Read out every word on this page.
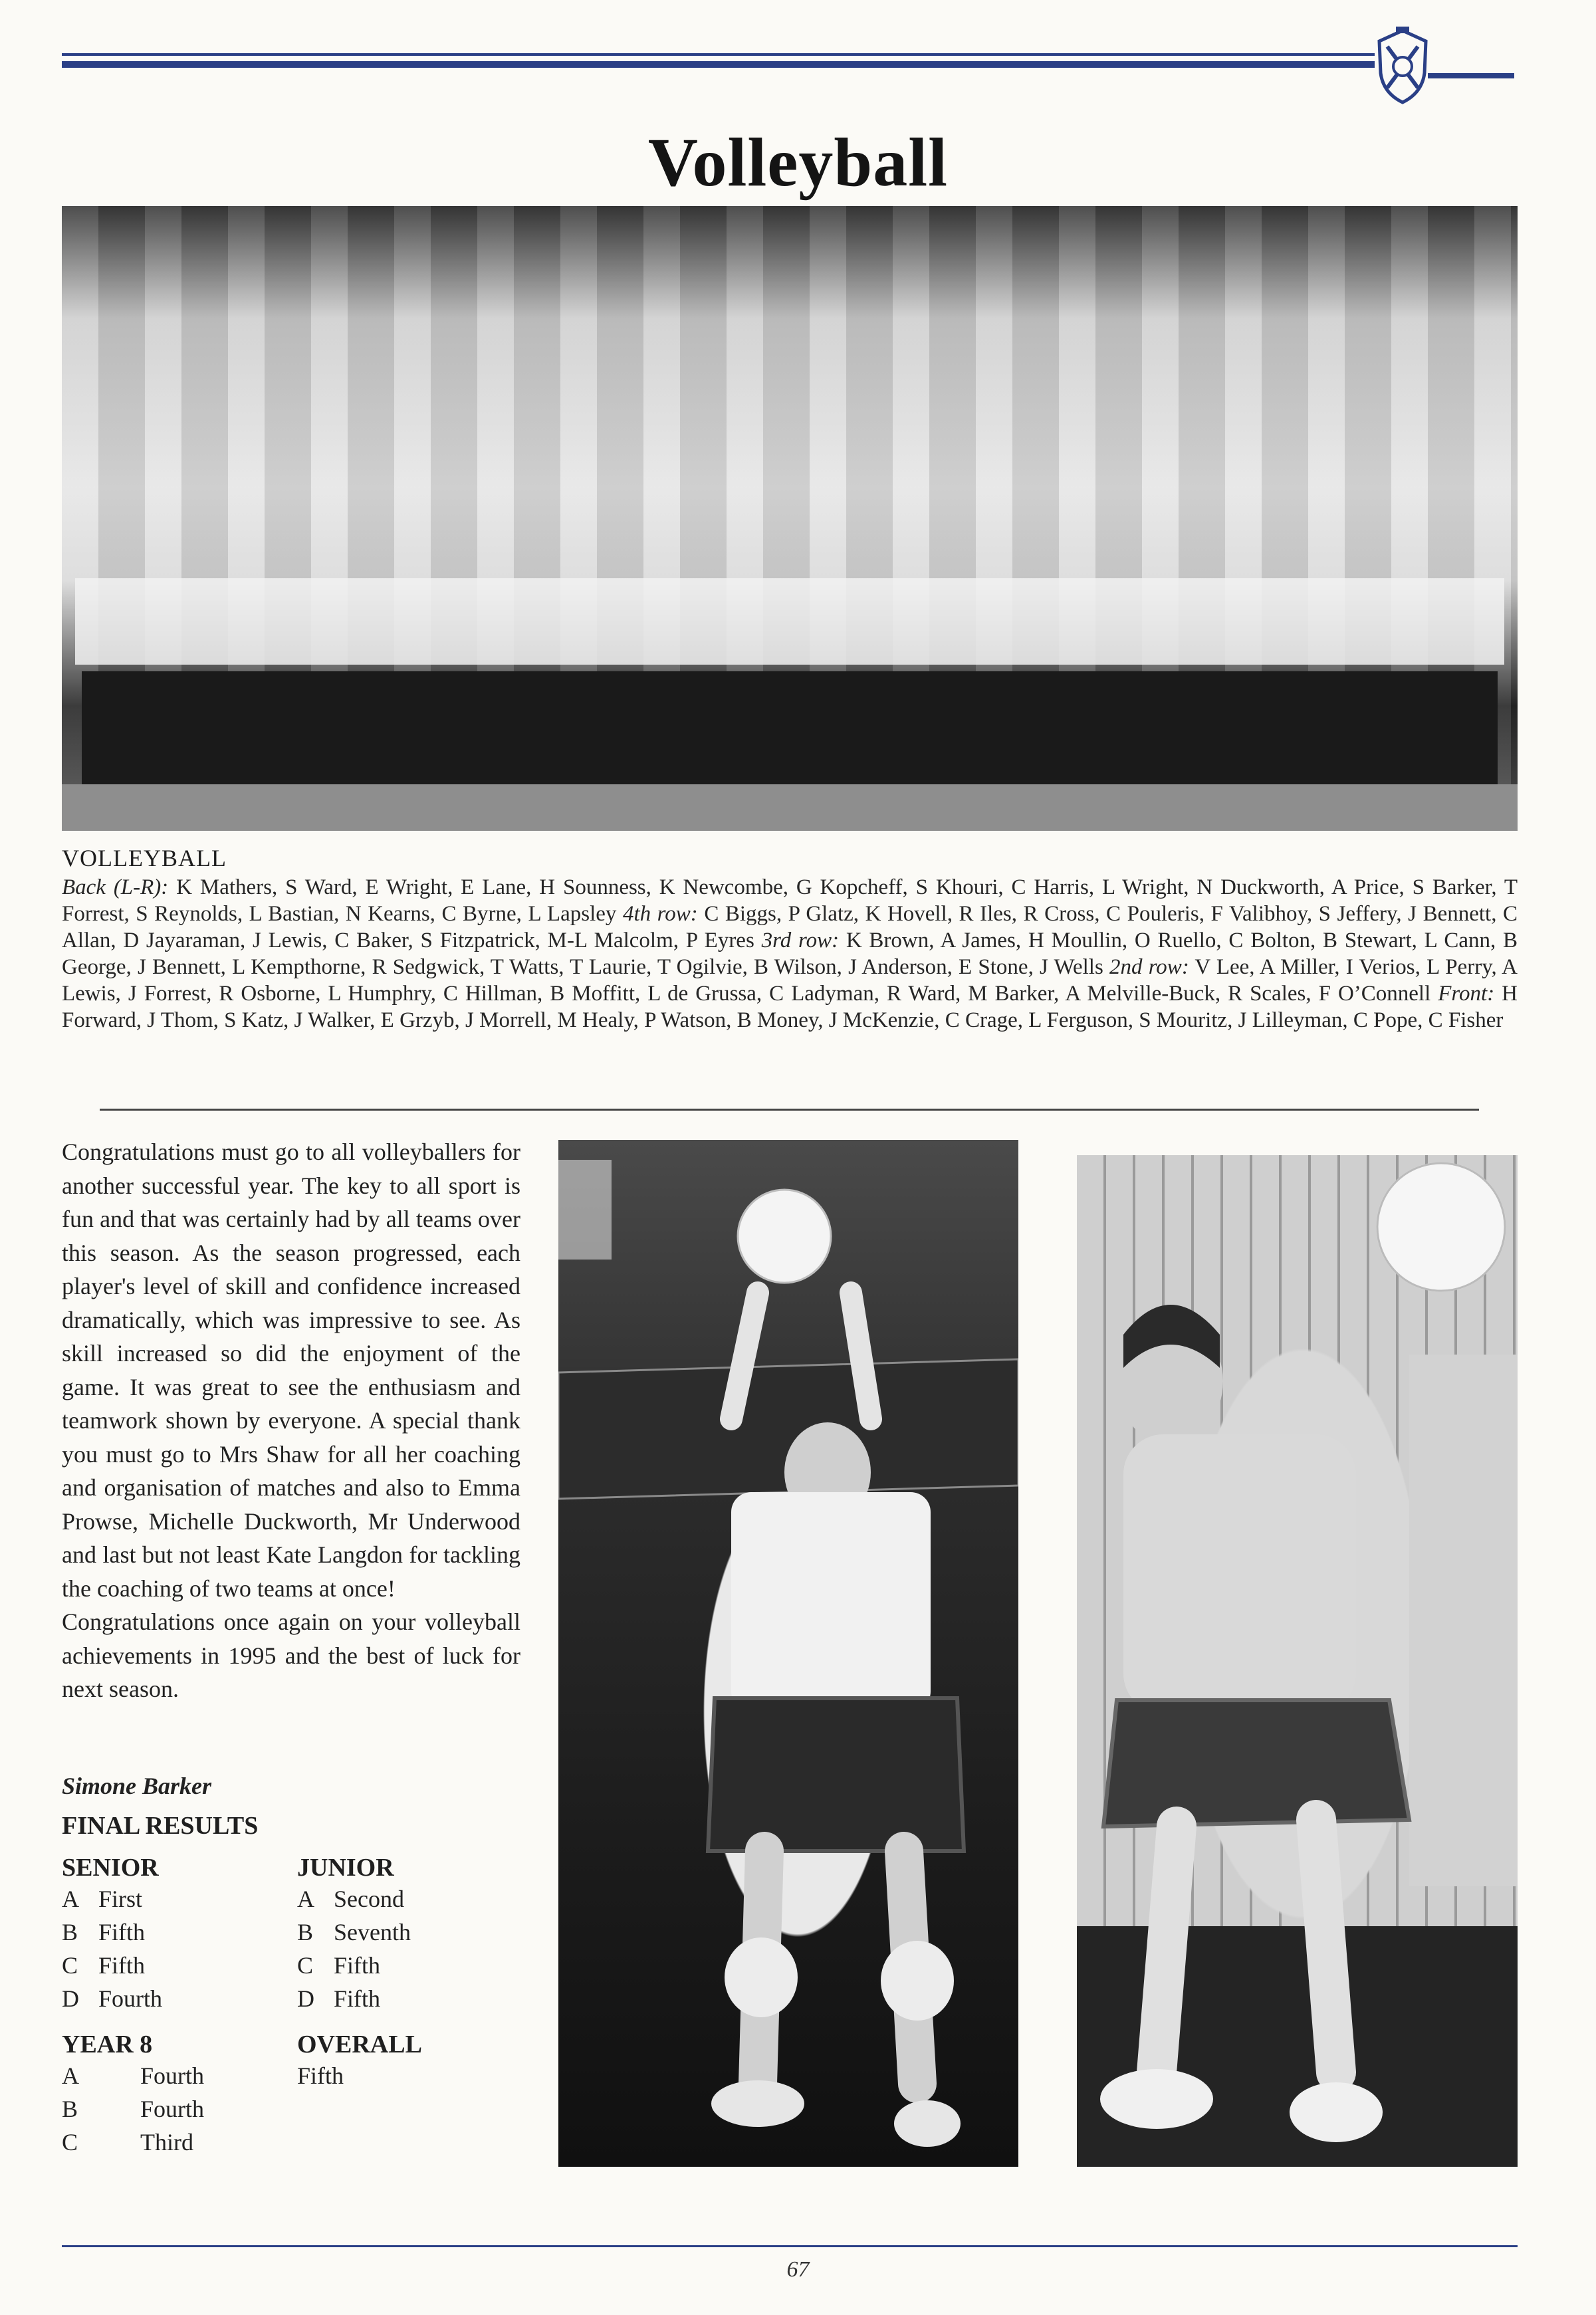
Volleyball
VOLLEYBALL
Back (L-R): K Mathers, S Ward, E Wright, E Lane, H Sounness, K Newcombe, G Kopcheff, S Khouri, C Harris, L Wright, N Duckworth, A Price, S Barker, T Forrest, S Reynolds, L Bastian, N Kearns, C Byrne, L Lapsley 4th row: C Biggs, P Glatz, K Hovell, R Iles, R Cross, C Pouleris, F Valibhoy, S Jeffery, J Bennett, C Allan, D Jayaraman, J Lewis, C Baker, S Fitzpatrick, M-L Malcolm, P Eyres 3rd row: K Brown, A James, H Moullin, O Ruello, C Bolton, B Stewart, L Cann, B George, J Bennett, L Kempthorne, R Sedgwick, T Watts, T Laurie, T Ogilvie, B Wilson, J Anderson, E Stone, J Wells 2nd row: V Lee, A Miller, I Verios, L Perry, A Lewis, J Forrest, R Osborne, L Humphry, C Hillman, B Moffitt, L de Grussa, C Ladyman, R Ward, M Barker, A Melville-Buck, R Scales, F O’Connell Front: H Forward, J Thom, S Katz, J Walker, E Grzyb, J Morrell, M Healy, P Watson, B Money, J McKenzie, C Crage, L Ferguson, S Mouritz, J Lilleyman, C Pope, C Fisher
Congratulations must go to all volleyballers for another successful year. The key to all sport is fun and that was certainly had by all teams over this season. As the season progressed, each player's level of skill and confidence increased dramatically, which was impressive to see. As skill increased so did the enjoyment of the game. It was great to see the enthusiasm and teamwork shown by everyone. A special thank you must go to Mrs Shaw for all her coaching and organisation of matches and also to Emma Prowse, Michelle Duckworth, Mr Underwood and last but not least Kate Langdon for tackling the coaching of two teams at once!
Congratulations once again on your volleyball achievements in 1995 and the best of luck for next season.
Simone Barker
FINAL RESULTS
SENIOR
A First
B Fifth
C Fifth
D Fourth
JUNIOR
A Second
B Seventh
C Fifth
D Fifth
YEAR 8
A	Fourth
B	Fourth
C	Third
OVERALL
Fifth
67
